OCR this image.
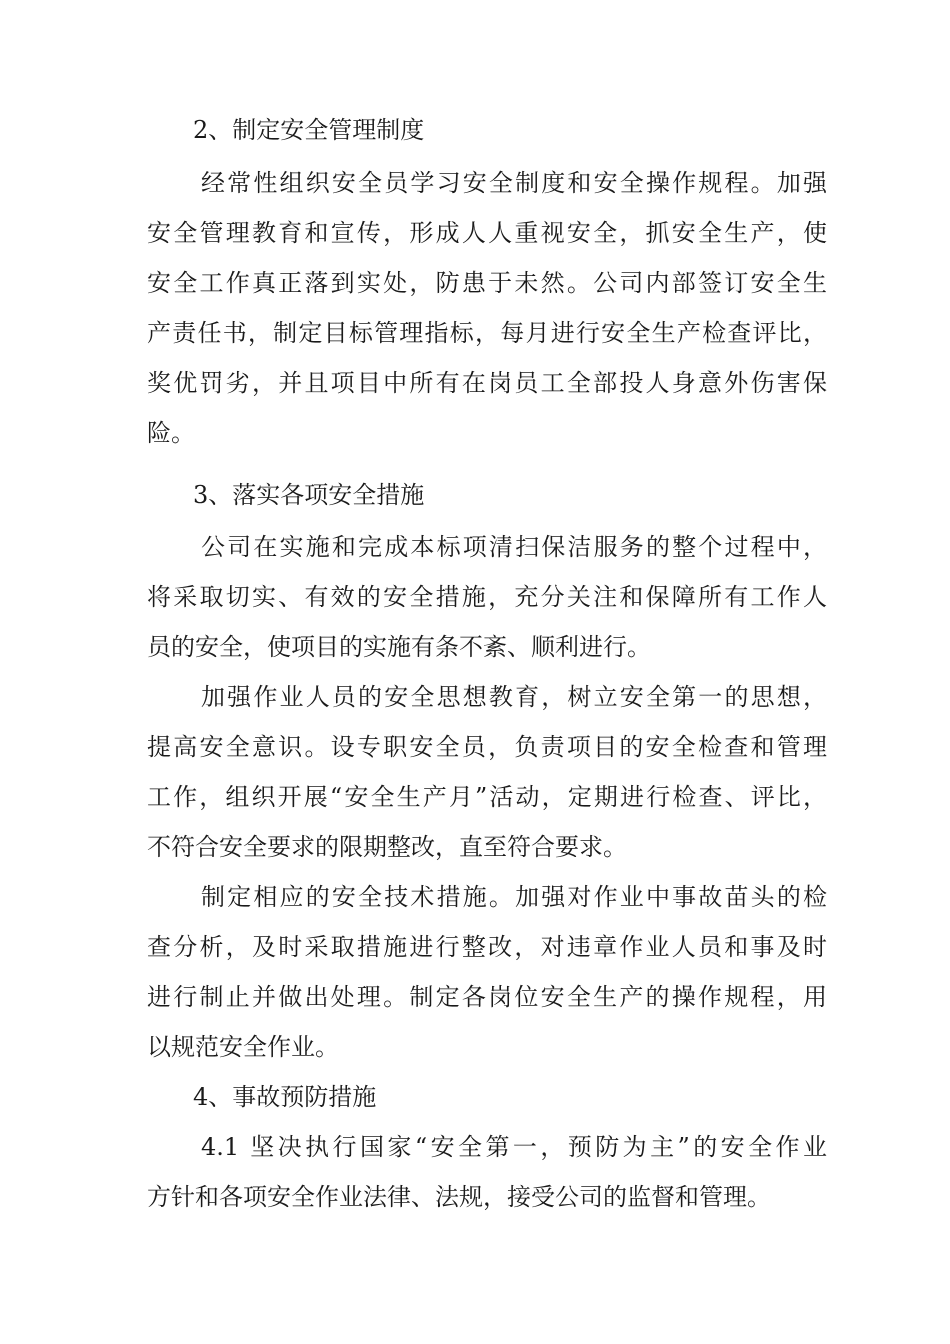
2、制定安全管理制度

经常性组织安全员学习安全制度和安全操作规程。加强

安全管理教育和宣传，形成人人重视安全，抓安全生产，使

安全工作真正落到实处，防患于未然。公司内部签订安全生

产责任书，制定目标管理指标，每月进行安全生产检查评比，

奖优罚劣，并且项目中所有在岗员工全部投人身意外伤害保

险。

3、落实各项安全措施

公司在实施和完成本标项清扫保洁服务的整个过程中，

将采取切实、有效的安全措施，充分关注和保障所有工作人

员的安全，使项目的实施有条不紊、顺利进行。

加强作业人员的安全思想教育，树立安全第一的思想，

提高安全意识。设专职安全员，负责项目的安全检查和管理

工作，组织开展“安全生产月”活动，定期进行检查、评比，

不符合安全要求的限期整改，直至符合要求。

制定相应的安全技术措施。加强对作业中事故苗头的检

查分析，及时采取措施进行整改，对违章作业人员和事及时

进行制止并做出处理。制定各岗位安全生产的操作规程，用

以规范安全作业。

4、事故预防措施

4.1 坚决执行国家“安全第一，预防为主”的安全作业

方针和各项安全作业法律、法规，接受公司的监督和管理。
